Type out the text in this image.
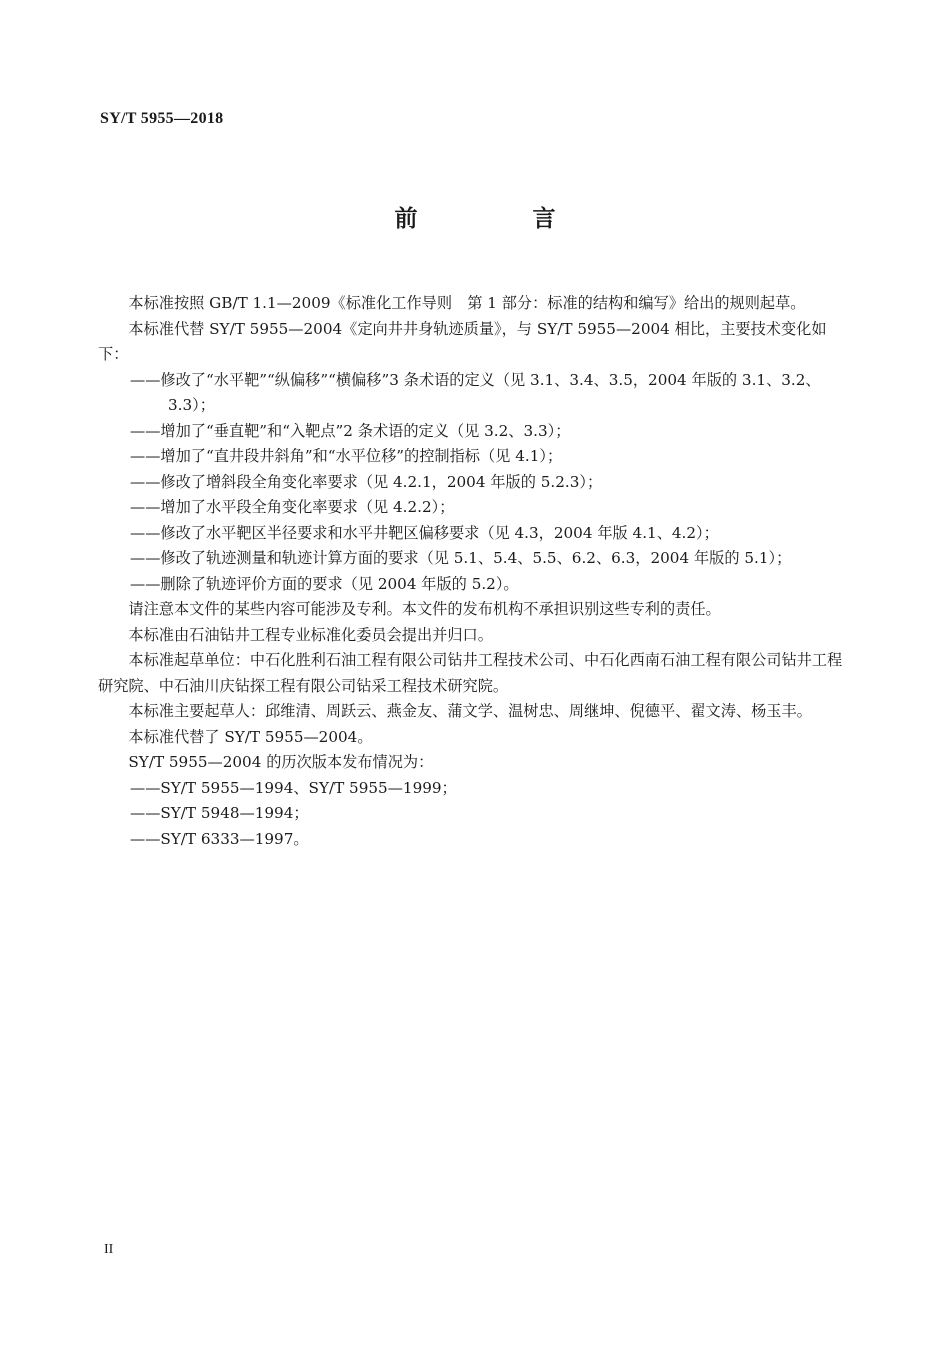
SY/T 5955—2018
前　言

本标准按照 GB/T 1.1—2009《标准化工作导则　第 1 部分：标准的结构和编写》给出的规则起草。

本标准代替 SY/T 5955—2004《定向井井身轨迹质量》，与 SY/T 5955—2004 相比，主要技术变化如下：

——修改了“水平靶”“纵偏移”“横偏移”3 条术语的定义（见 3.1、3.4、3.5，2004 年版的 3.1、3.2、3.3）；
——增加了“垂直靶”和“入靶点”2 条术语的定义（见 3.2、3.3）；
——增加了“直井段井斜角”和“水平位移”的控制指标（见 4.1）；
——修改了增斜段全角变化率要求（见 4.2.1，2004 年版的 5.2.3）；
——增加了水平段全角变化率要求（见 4.2.2）；
——修改了水平靶区半径要求和水平井靶区偏移要求（见 4.3，2004 年版 4.1、4.2）；
——修改了轨迹测量和轨迹计算方面的要求（见 5.1、5.4、5.5、6.2、6.3，2004 年版的 5.1）；
——删除了轨迹评价方面的要求（见 2004 年版的 5.2）。

请注意本文件的某些内容可能涉及专利。本文件的发布机构不承担识别这些专利的责任。

本标准由石油钻井工程专业标准化委员会提出并归口。

本标准起草单位：中石化胜利石油工程有限公司钻井工程技术公司、中石化西南石油工程有限公司钻井工程研究院、中石油川庆钻探工程有限公司钻采工程技术研究院。

本标准主要起草人：邱维清、周跃云、燕金友、蒲文学、温树忠、周继坤、倪德平、翟文涛、杨玉丰。

本标准代替了 SY/T 5955—2004。

SY/T 5955—2004 的历次版本发布情况为：

——SY/T 5955—1994、SY/T 5955—1999；
——SY/T 5948—1994；
——SY/T 6333—1997。
II
